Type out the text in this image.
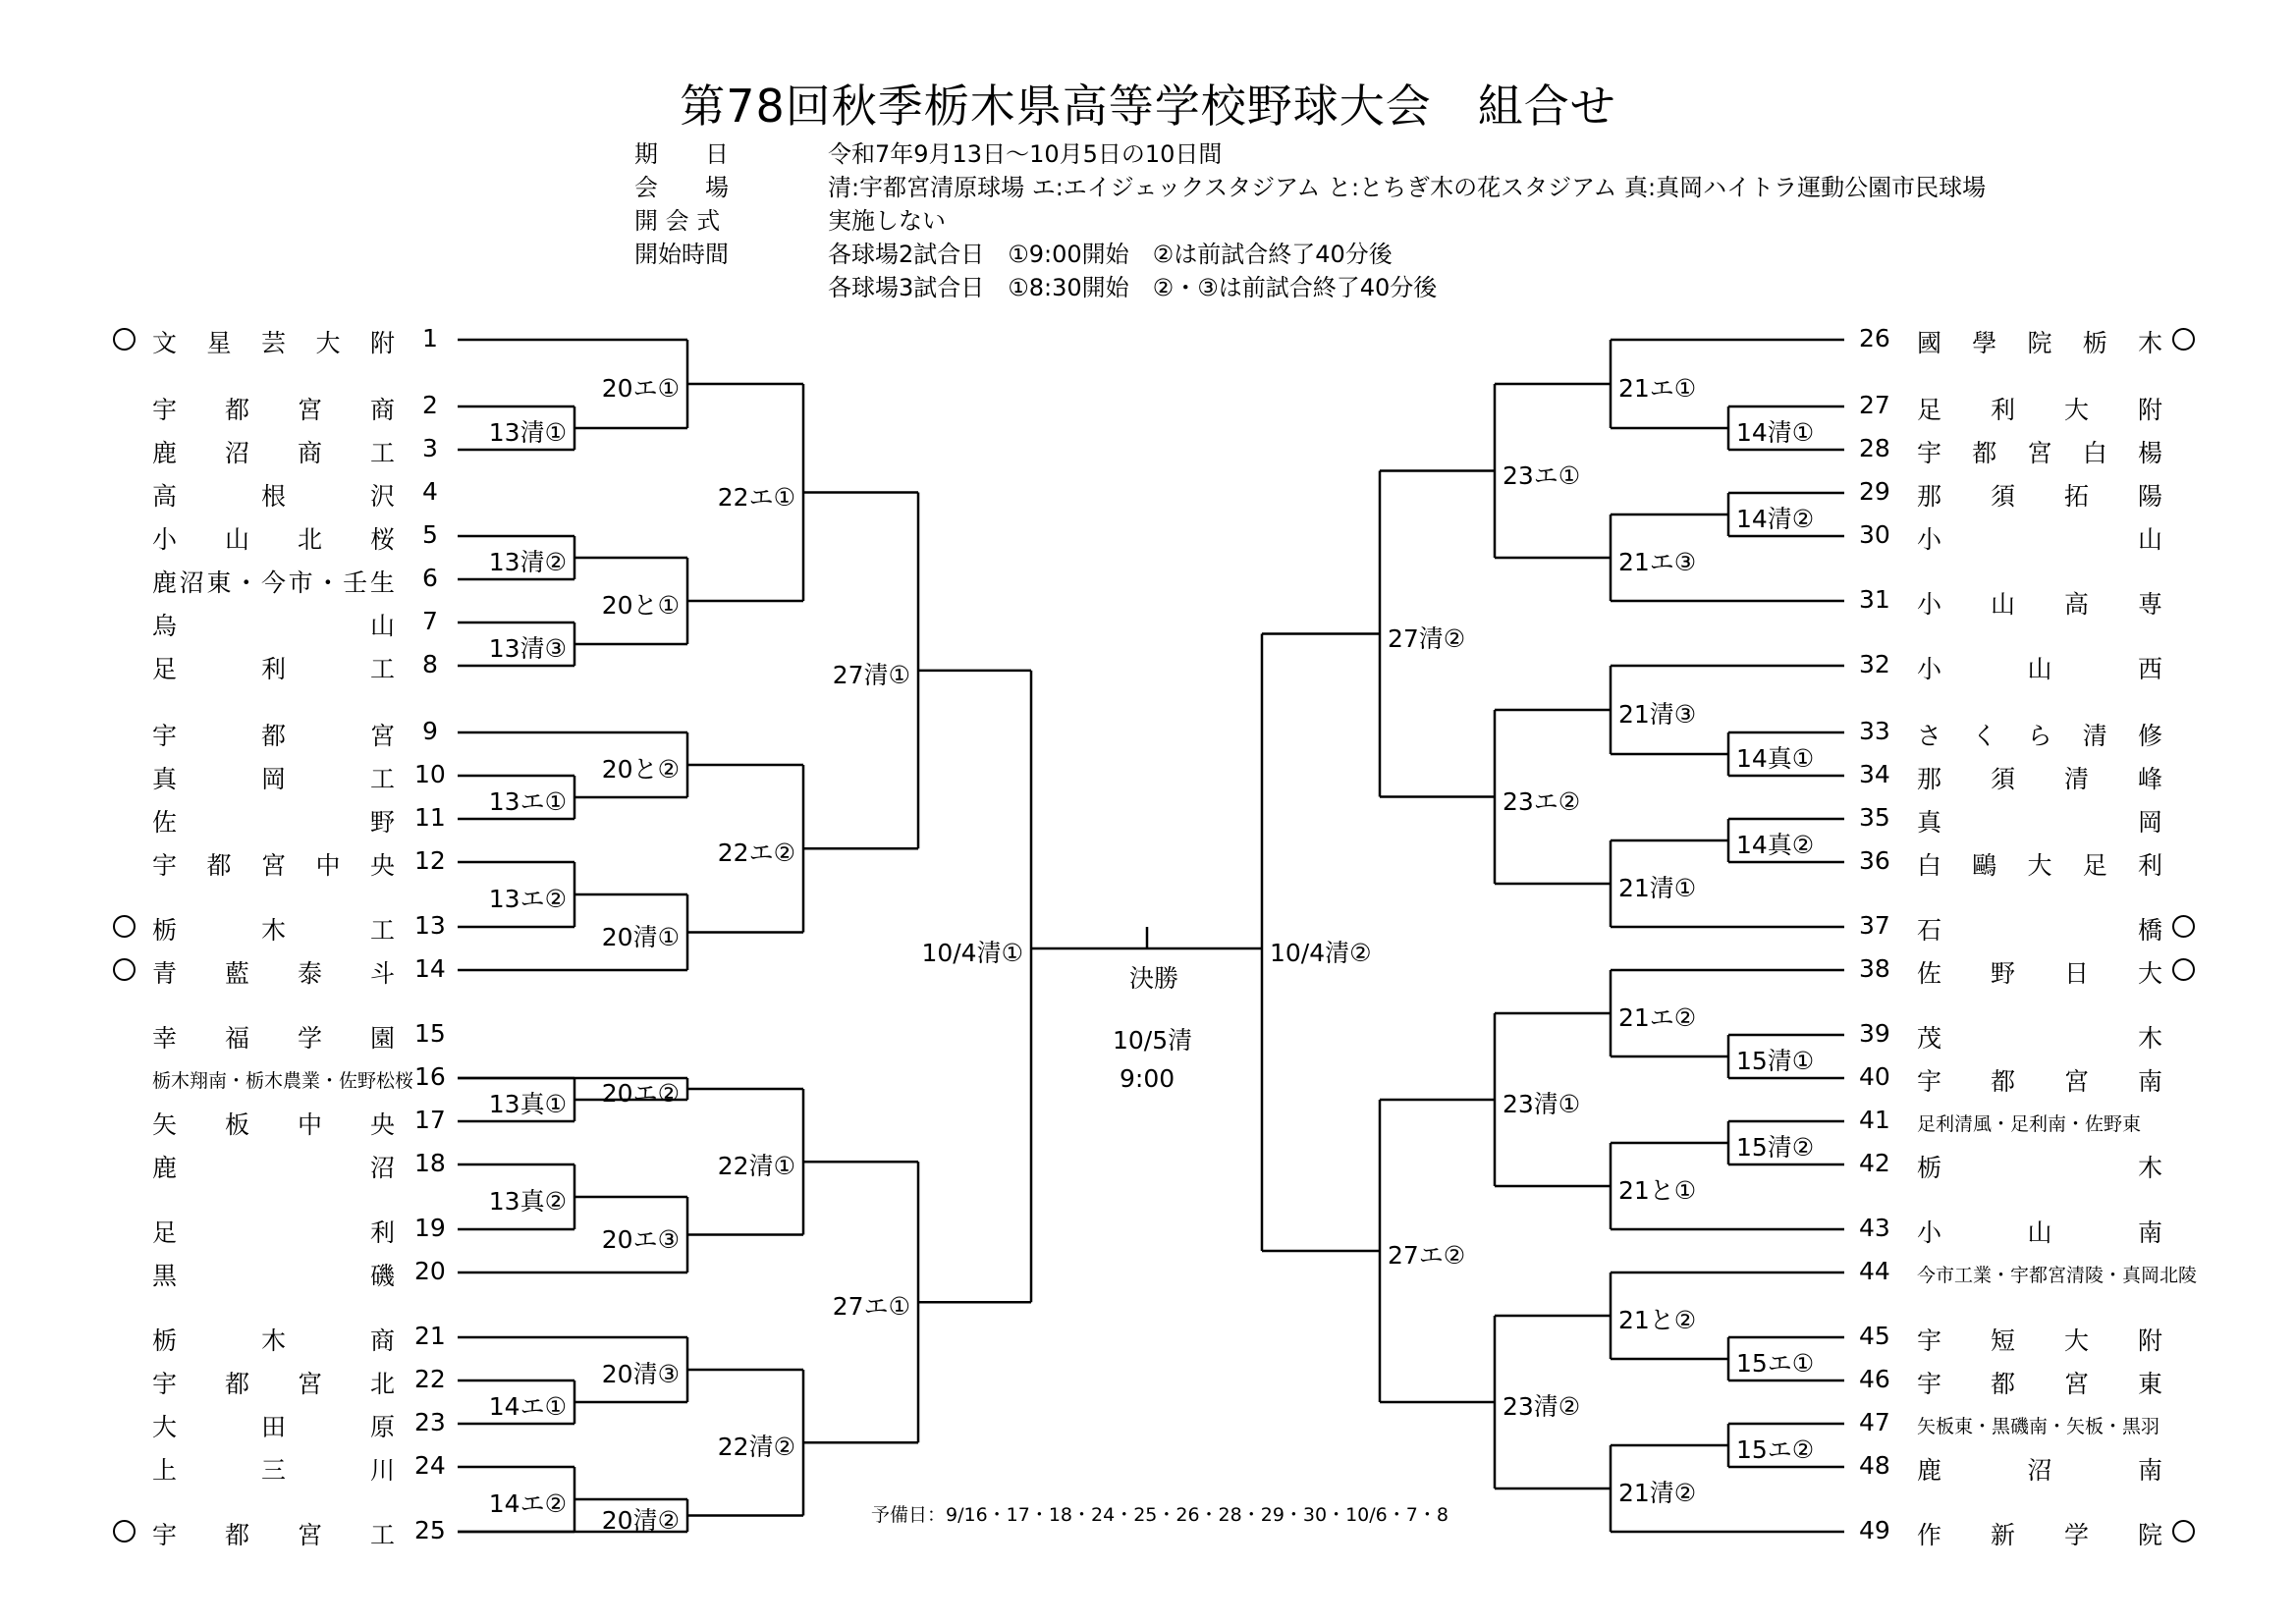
第78回秋季栃木県高等学校野球大会　組合せ
期　　日	令和7年9月13日～10月5日の10日間
会　　場	清:宇都宮清原球場 エ:エイジェックスタジアム と:とちぎ木の花スタジアム 真:真岡ハイトラ運動公園市民球場
開 会 式	実施しない
開始時間	各球場2試合日　①9:00開始　②は前試合終了40分後
各球場3試合日　①8:30開始　②・③は前試合終了40分後
文 星 芸 大 附 1
宇 都 宮 商 2
鹿 沼 商 工 3
高	根	沢 4
小 山 北 桜 5
鹿 沼 東 ・ 今 市 ・ 壬 生 6
烏	山 7
足	利	工 8
宇	都	宮 9
真	岡	工 10
佐	野 11
宇 都 宮 中 央 12
栃	木	工 13
青 藍 泰 斗 14
幸 福 学 園 15
栃木翔南・栃木農業・佐野松桜 16
矢 板 中 央 17
鹿	沼 18
足	利 19
黒	磯 20
栃	木	商 21
宇 都 宮 北 22
大	田	原 23
上	三	川 24
宇 都 宮 工 25
13清①
13清②
13清③
13エ①
13エ②
13真①
13真②
14エ①
14エ②
20エ①
20と①
20と②
20清①
20エ②
20エ③
20清③
20清②
22エ①
22エ②
22清①
22清②
27清①
27エ①
26 國 學 院 栃 木
27 足 利 大 附
28 宇 都 宮 白 楊
29 那 須 拓 陽
30 小	山
31 小 山 高 専
32 小	山	西
33 さ く ら 清 修
34 那 須 清 峰
35 真	岡
36 白 鷗 大 足 利
37 石	橋
38 佐 野 日 大
39 茂	木
40 宇 都 宮 南
41 足利清風・足利南・佐野東
42 栃	木
43 小	山	南
44 今市工業・宇都宮清陵・真岡北陵
45 宇 短 大 附
46 宇 都 宮 東
47 矢板東・黒磯南・矢板・黒羽
48 鹿	沼	南
49 作 新 学 院
14清①
14清②
14真①
14真②
15清①
15清②
15エ①
15エ②
21エ①
21エ③
21清③
21清①
21エ②
21と①
21と②
21清②
23エ①
23エ②
23清①
23清②
27清②
27エ②
10/4清①	10/4清②
決勝
10/5清
9:00
予備日：9/16・17・18・24・25・26・28・29・30・10/6・7・8
